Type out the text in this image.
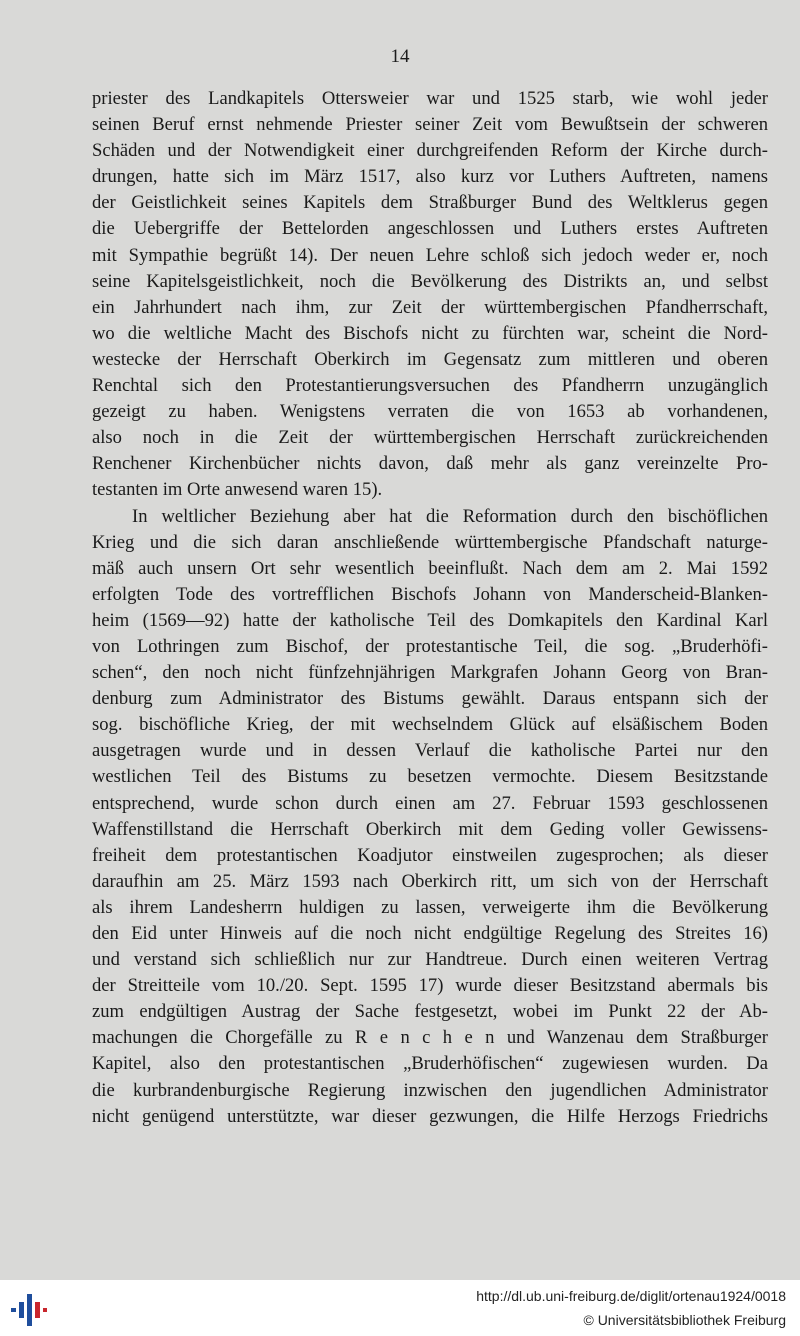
14
priester des Landkapitels Ottersweier war und 1525 starb, wie wohl jeder
seinen Beruf ernst nehmende Priester seiner Zeit vom Bewußtsein der schweren
Schäden und der Notwendigkeit einer durchgreifenden Reform der Kirche durch-
drungen, hatte sich im März 1517, also kurz vor Luthers Auftreten, namens
der Geistlichkeit seines Kapitels dem Straßburger Bund des Weltklerus gegen
die Uebergriffe der Bettelorden angeschlossen und Luthers erstes Auftreten
mit Sympathie begrüßt 14). Der neuen Lehre schloß sich jedoch weder er, noch
seine Kapitelsgeistlichkeit, noch die Bevölkerung des Distrikts an, und selbst
ein Jahrhundert nach ihm, zur Zeit der württembergischen Pfandherrschaft,
wo die weltliche Macht des Bischofs nicht zu fürchten war, scheint die Nord-
westecke der Herrschaft Oberkirch im Gegensatz zum mittleren und oberen
Renchtal sich den Protestantierungsversuchen des Pfandherrn unzugänglich
gezeigt zu haben. Wenigstens verraten die von 1653 ab vorhandenen,
also noch in die Zeit der württembergischen Herrschaft zurückreichenden
Renchener Kirchenbücher nichts davon, daß mehr als ganz vereinzelte Pro-
testanten im Orte anwesend waren 15).
In weltlicher Beziehung aber hat die Reformation durch den bischöflichen
Krieg und die sich daran anschließende württembergische Pfandschaft naturge-
mäß auch unsern Ort sehr wesentlich beeinflußt. Nach dem am 2. Mai 1592
erfolgten Tode des vortrefflichen Bischofs Johann von Manderscheid-Blanken-
heim (1569—92) hatte der katholische Teil des Domkapitels den Kardinal Karl
von Lothringen zum Bischof, der protestantische Teil, die sog. „Bruderhöfi-
schen“, den noch nicht fünfzehnjährigen Markgrafen Johann Georg von Bran-
denburg zum Administrator des Bistums gewählt. Daraus entspann sich der
sog. bischöfliche Krieg, der mit wechselndem Glück auf elsäßischem Boden
ausgetragen wurde und in dessen Verlauf die katholische Partei nur den
westlichen Teil des Bistums zu besetzen vermochte. Diesem Besitzstande
entsprechend, wurde schon durch einen am 27. Februar 1593 geschlossenen
Waffenstillstand die Herrschaft Oberkirch mit dem Geding voller Gewissens-
freiheit dem protestantischen Koadjutor einstweilen zugesprochen; als dieser
daraufhin am 25. März 1593 nach Oberkirch ritt, um sich von der Herrschaft
als ihrem Landesherrn huldigen zu lassen, verweigerte ihm die Bevölkerung
den Eid unter Hinweis auf die noch nicht endgültige Regelung des Streites 16)
und verstand sich schließlich nur zur Handtreue. Durch einen weiteren Vertrag
der Streitteile vom 10./20. Sept. 1595 17) wurde dieser Besitzstand abermals bis
zum endgültigen Austrag der Sache festgesetzt, wobei im Punkt 22 der Ab-
machungen die Chorgefälle zu R e n c h e n und Wanzenau dem Straßburger
Kapitel, also den protestantischen „Bruderhöfischen“ zugewiesen wurden. Da
die kurbrandenburgische Regierung inzwischen den jugendlichen Administrator
nicht genügend unterstützte, war dieser gezwungen, die Hilfe Herzogs Friedrichs
http://dl.ub.uni-freiburg.de/diglit/ortenau1924/0018
© Universitätsbibliothek Freiburg
